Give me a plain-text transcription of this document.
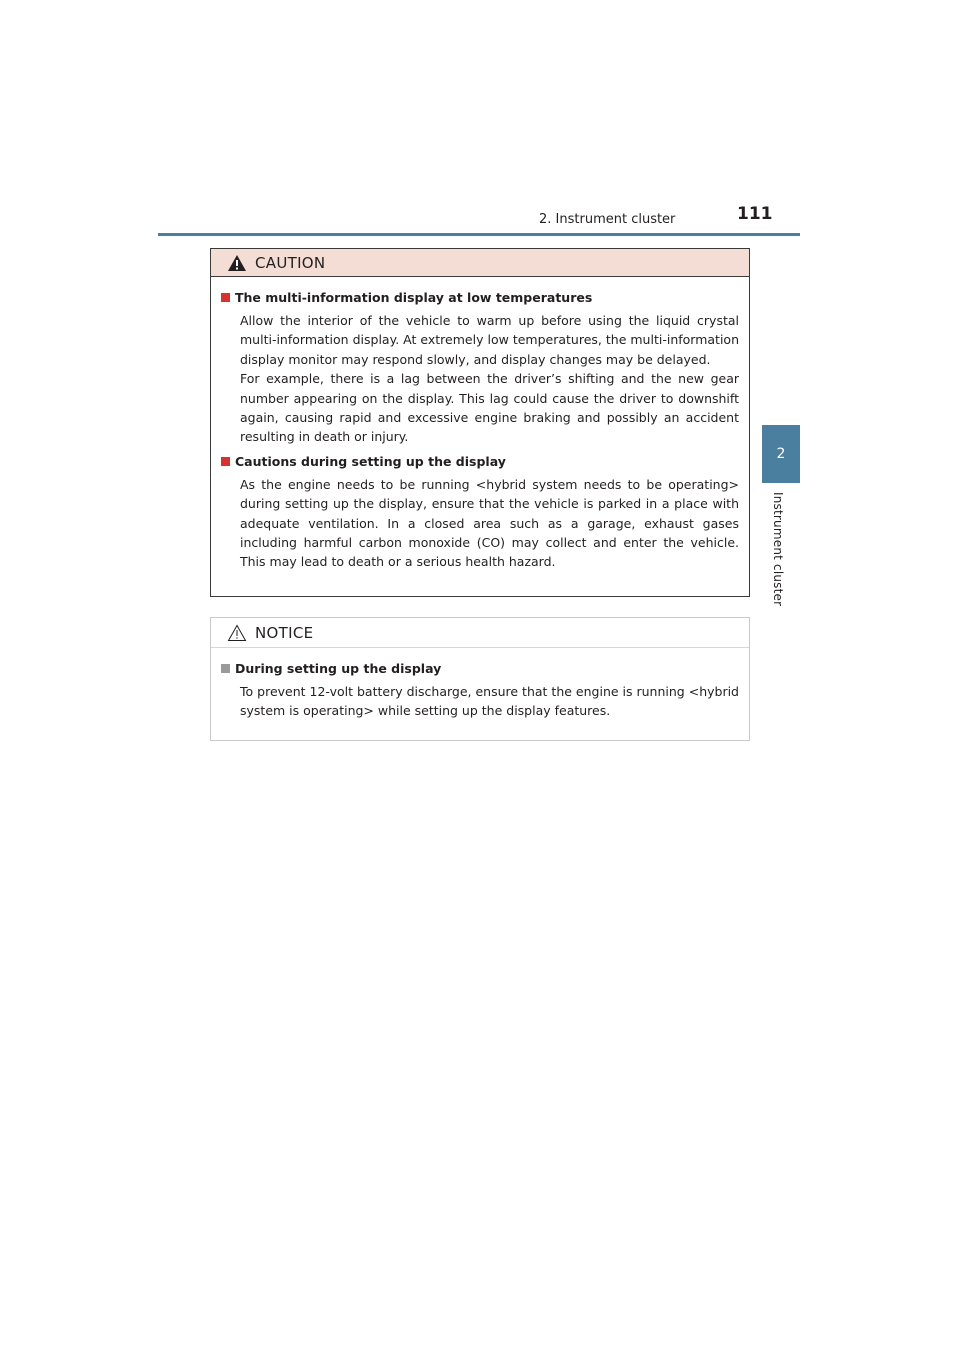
2. Instrument cluster	111
2
Instrument cluster
CAUTION
The multi-information display at low temperatures
Allow the interior of the vehicle to warm up before using the liquid crystal multi-information display. At extremely low temperatures, the multi-information display monitor may respond slowly, and display changes may be delayed.
For example, there is a lag between the driver’s shifting and the new gear number appearing on the display. This lag could cause the driver to downshift again, causing rapid and excessive engine braking and possibly an accident resulting in death or injury.
Cautions during setting up the display
As the engine needs to be running <hybrid system needs to be operating> during setting up the display, ensure that the vehicle is parked in a place with adequate ventilation. In a closed area such as a garage, exhaust gases including harmful carbon monoxide (CO) may collect and enter the vehicle. This may lead to death or a serious health hazard.
NOTICE
During setting up the display
To prevent 12-volt battery discharge, ensure that the engine is running <hybrid system is operating> while setting up the display features.
